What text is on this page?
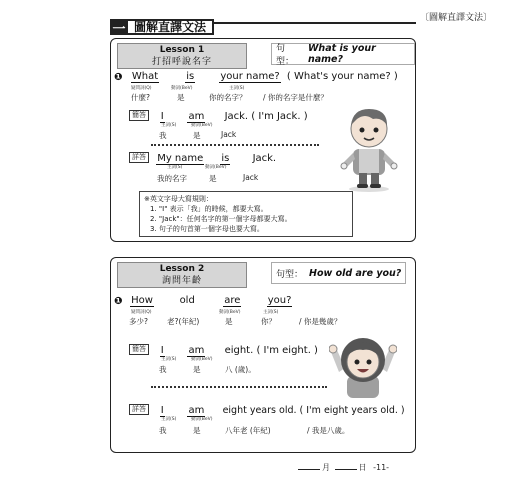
〔圖解直譯文法〕
一 圖解直譯文法
Lesson 1
打招呼說名字
句型：
What is your name?
❶ What	is	your name? ( What's your name? )
疑問詞(Q)	動詞(BeV)	主詞(S)
什麼?	是	你的名字？ / 你的名字是什麼？
簡答 I am Jack. ( I'm Jack. )
主詞(S)	動詞(BeV)
我	是	Jack
詳答 My name is Jack.
主詞(S)	動詞(BeV)
我的名字	是	Jack
※英文字母大寫規則：
1. "I" 表示「我」的時候，都要大寫。
2. "Jack"：任何名字的第一個字母都要大寫。
3. 句子的句首第一個字母也要大寫。
Lesson 2
詢問年齡
句型： How old are you?
❶ How	old	are	you?
疑問詞(Q)	動詞(BeV)	主詞(S)
多少?	老?(年紀)	是	你？	/ 你是幾歲？
簡答 I am eight. ( I'm eight. )
主詞(S)	動詞(BeV)
我	是	八 (歲)。
詳答 I am eight years old. ( I'm eight years old. )
主詞(S)	動詞(BeV)
我	是	八年老 (年紀)	/ 我是八歲。
月	日 -11-
